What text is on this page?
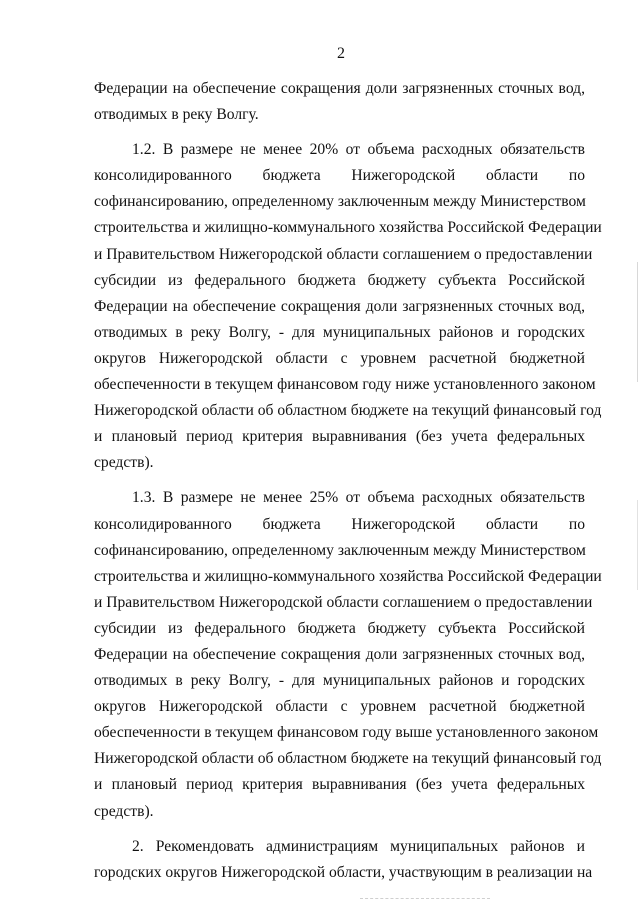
2
Федерации на обеспечение сокращения доли загрязненных сточных вод,
отводимых в реку Волгу.
1.2. В размере не менее 20% от объема расходных обязательств
консолидированного бюджета Нижегородской области по
софинансированию, определенному заключенным между Министерством
строительства и жилищно-коммунального хозяйства Российской Федерации
и Правительством Нижегородской области соглашением о предоставлении
субсидии из федерального бюджета бюджету субъекта Российской
Федерации на обеспечение сокращения доли загрязненных сточных вод,
отводимых в реку Волгу, - для муниципальных районов и городских
округов Нижегородской области с уровнем расчетной бюджетной
обеспеченности в текущем финансовом году ниже установленного законом
Нижегородской области об областном бюджете на текущий финансовый год
и плановый период критерия выравнивания (без учета федеральных
средств).
1.3. В размере не менее 25% от объема расходных обязательств
консолидированного бюджета Нижегородской области по
софинансированию, определенному заключенным между Министерством
строительства и жилищно-коммунального хозяйства Российской Федерации
и Правительством Нижегородской области соглашением о предоставлении
субсидии из федерального бюджета бюджету субъекта Российской
Федерации на обеспечение сокращения доли загрязненных сточных вод,
отводимых в реку Волгу, - для муниципальных районов и городских
округов Нижегородской области с уровнем расчетной бюджетной
обеспеченности в текущем финансовом году выше установленного законом
Нижегородской области об областном бюджете на текущий финансовый год
и плановый период критерия выравнивания (без учета федеральных
средств).
2. Рекомендовать администрациям муниципальных районов и
городских округов Нижегородской области, участвующим в реализации на
